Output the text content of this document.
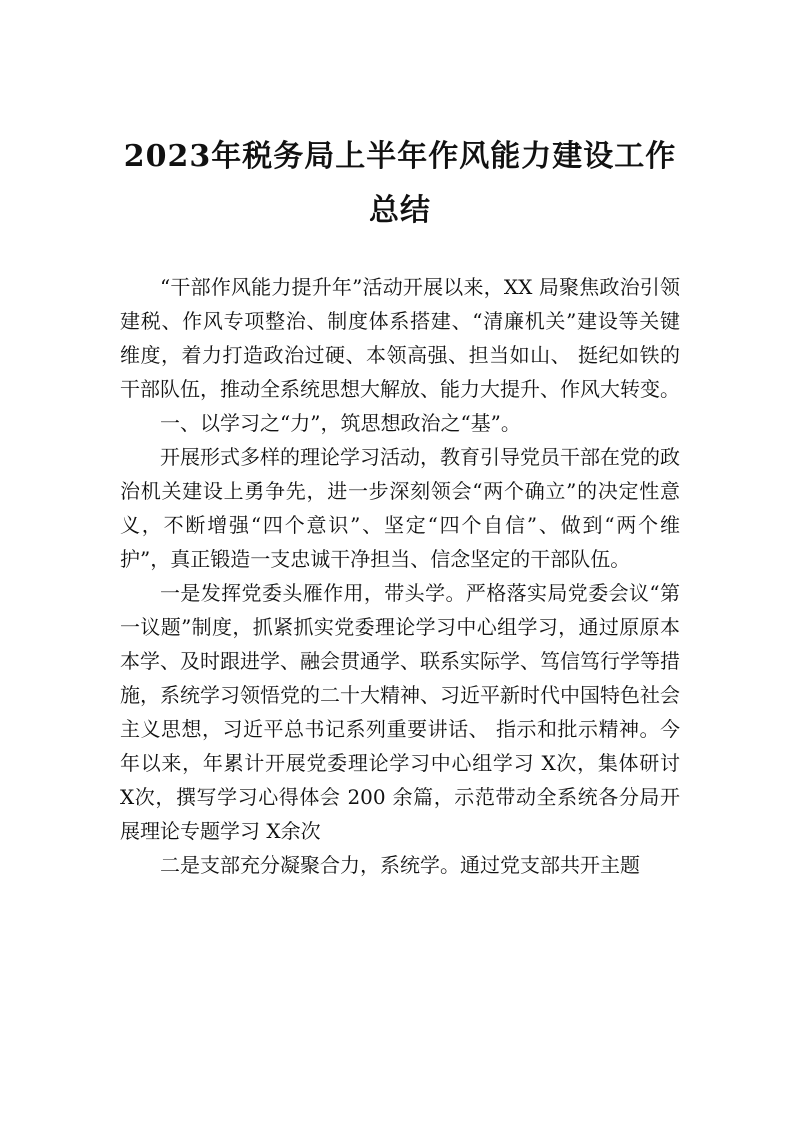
2023年税务局上半年作风能力建设工作总结

“干部作风能力提升年”活动开展以来，XX 局聚焦政治引领建税、作风专项整治、制度体系搭建、“清廉机关”建设等关键维度，着力打造政治过硬、本领高强、担当如山、 挺纪如铁的干部队伍，推动全系统思想大解放、能力大提升、作风大转变。

一、以学习之“力”，筑思想政治之“基”。

开展形式多样的理论学习活动，教育引导党员干部在党的政治机关建设上勇争先，进一步深刻领会“两个确立”的决定性意义，不断增强“四个意识”、坚定“四个自信”、做到“两个维护”，真正锻造一支忠诚干净担当、信念坚定的干部队伍。

一是发挥党委头雁作用，带头学。严格落实局党委会议“第一议题”制度，抓紧抓实党委理论学习中心组学习，通过原原本本学、及时跟进学、融会贯通学、联系实际学、笃信笃行学等措施，系统学习领悟党的二十大精神、习近平新时代中国特色社会主义思想，习近平总书记系列重要讲话、 指示和批示精神。今年以来，年累计开展党委理论学习中心组学习 X次，集体研讨 X次，撰写学习心得体会 200 余篇，示范带动全系统各分局开展理论专题学习 X余次

二是支部充分凝聚合力，系统学。通过党支部共开主题
